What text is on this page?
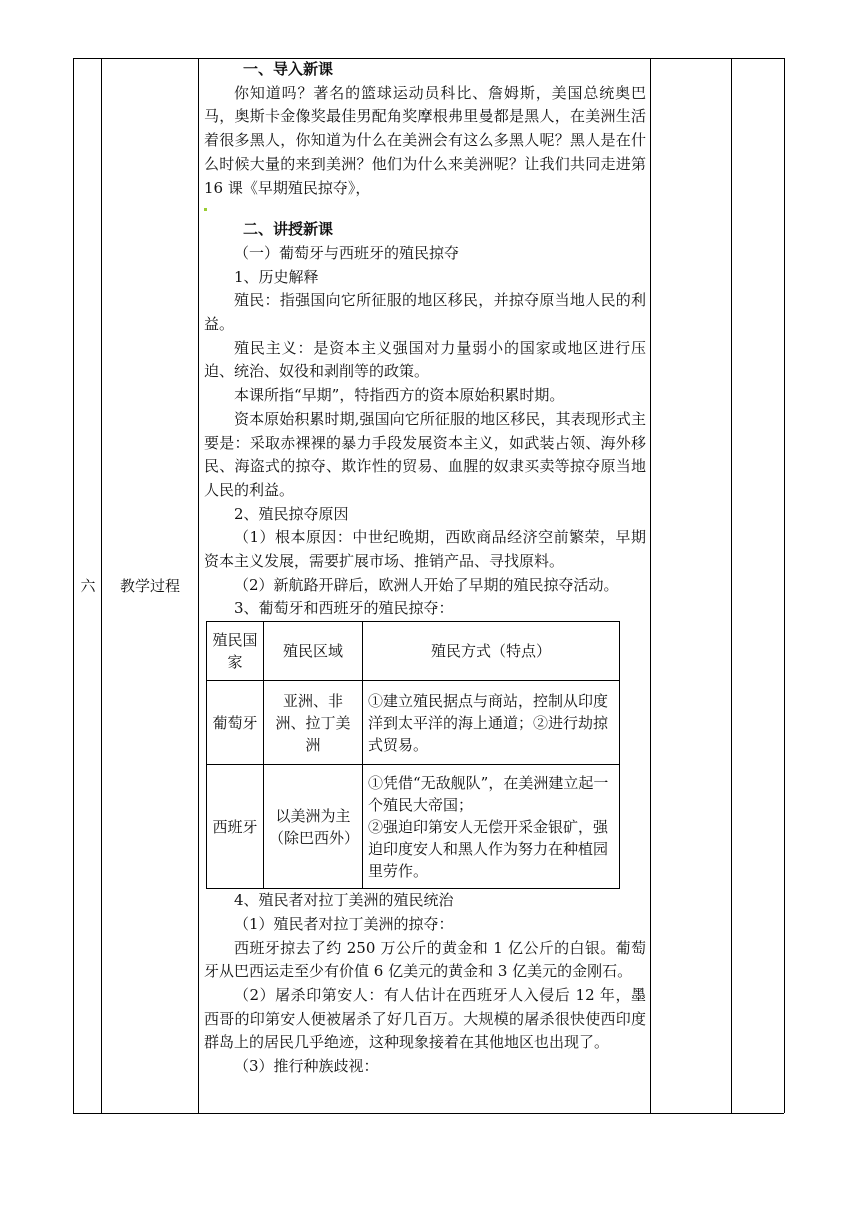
六	教学过程

一、导入新课

你知道吗？著名的篮球运动员科比、詹姆斯，美国总统奥巴马，奥斯卡金像奖最佳男配角奖摩根弗里曼都是黑人，在美洲生活着很多黑人，你知道为什么在美洲会有这么多黑人呢？黑人是在什么时候大量的来到美洲？他们为什么来美洲呢？让我们共同走进第 16 课《早期殖民掠夺》，

二、讲授新课

（一）葡萄牙与西班牙的殖民掠夺

1、历史解释

殖民：指强国向它所征服的地区移民，并掠夺原当地人民的利益。

殖民主义：是资本主义强国对力量弱小的国家或地区进行压迫、统治、奴役和剥削等的政策。

本课所指“早期”，特指西方的资本原始积累时期。

资本原始积累时期,强国向它所征服的地区移民，其表现形式主要是：采取赤裸裸的暴力手段发展资本主义，如武装占领、海外移民、海盗式的掠夺、欺诈性的贸易、血腥的奴隶买卖等掠夺原当地人民的利益。

2、殖民掠夺原因

（1）根本原因：中世纪晚期，西欧商品经济空前繁荣，早期资本主义发展，需要扩展市场、推销产品、寻找原料。

（2）新航路开辟后，欧洲人开始了早期的殖民掠夺活动。

3、葡萄牙和西班牙的殖民掠夺：

殖民国家	殖民区域	殖民方式（特点）
葡萄牙	亚洲、非洲、拉丁美洲	①建立殖民据点与商站，控制从印度洋到太平洋的海上通道；②进行劫掠式贸易。
西班牙	以美洲为主（除巴西外）	①凭借“无敌舰队”，在美洲建立起一个殖民大帝国；
②强迫印第安人无偿开采金银矿，强迫印度安人和黑人作为努力在种植园里劳作。

4、殖民者对拉丁美洲的殖民统治

（1）殖民者对拉丁美洲的掠夺：

西班牙掠去了约 250 万公斤的黄金和 1 亿公斤的白银。葡萄牙从巴西运走至少有价值 6 亿美元的黄金和 3 亿美元的金刚石。

（2）屠杀印第安人：有人估计在西班牙人入侵后 12 年，墨西哥的印第安人便被屠杀了好几百万。大规模的屠杀很快使西印度群岛上的居民几乎绝迹，这种现象接着在其他地区也出现了。

（3）推行种族歧视：
